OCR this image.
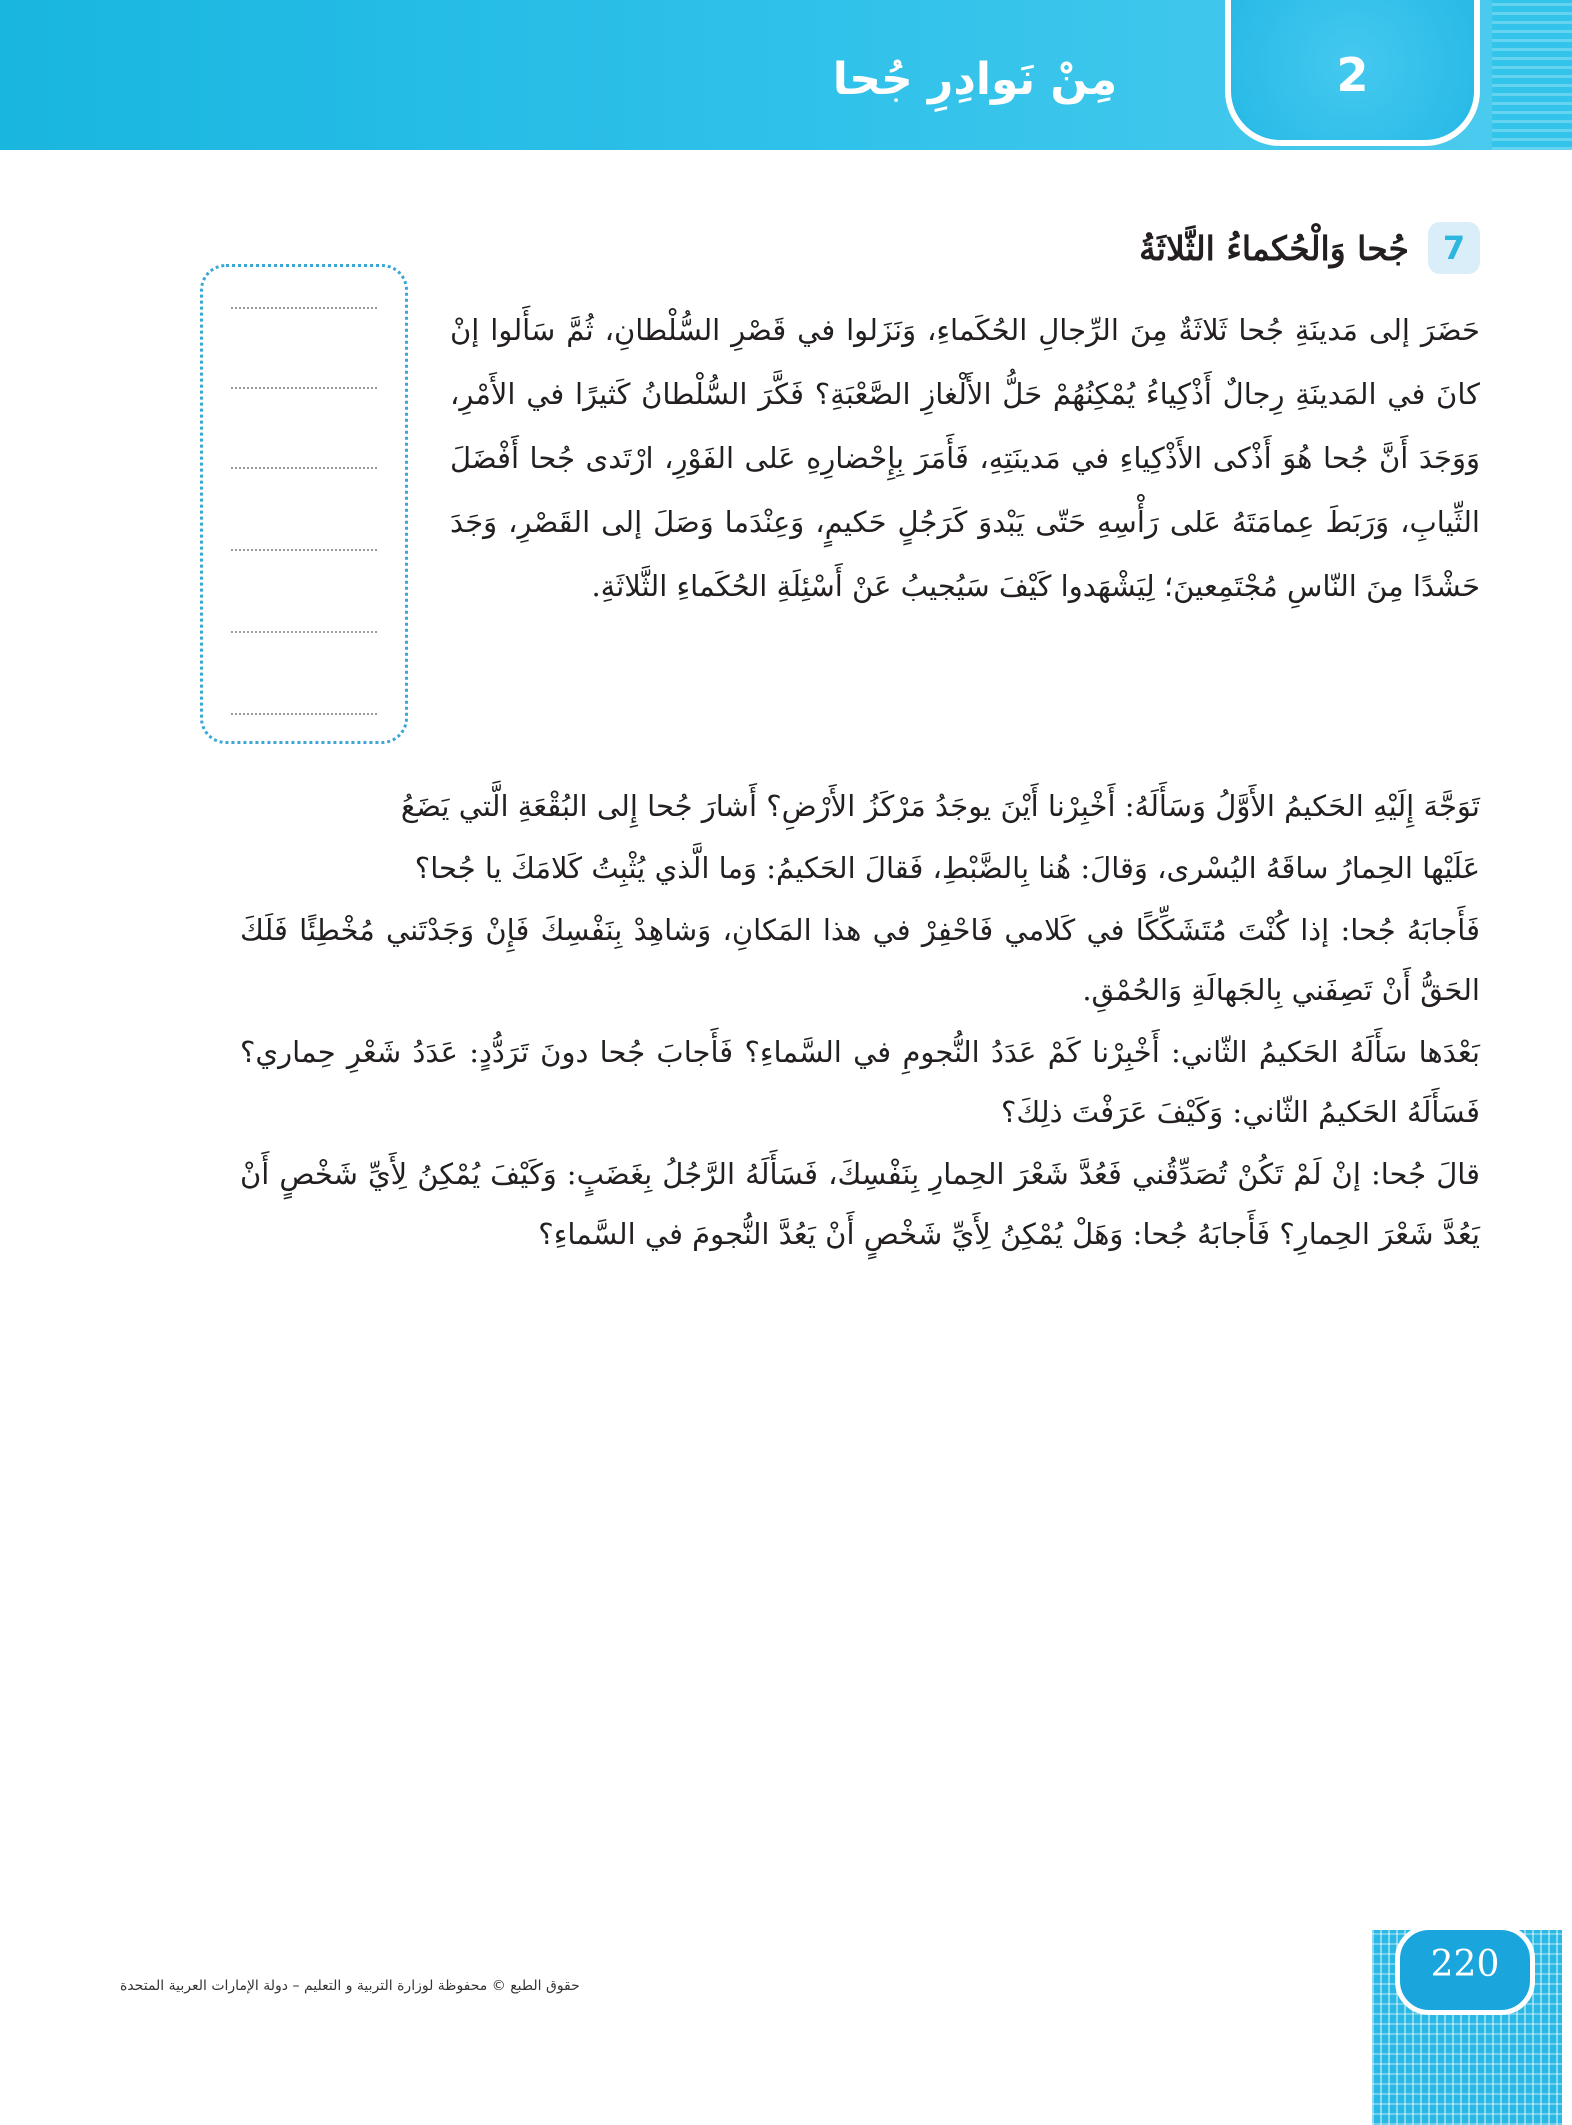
مِنْ نَوادِرِ جُحا	2
7 جُحا وَالْحُكماءُ الثَّلاثَةُ

حَضَرَ إلى مَدينَةِ جُحا ثَلاثَةٌ مِنَ الرِّجالِ الحُكَماءِ، وَنَزَلوا في قَصْرِ السُّلْطانِ، ثُمَّ سَأَلوا إنْ كانَ في المَدينَةِ رِجالٌ أَذْكِياءُ يُمْكِنُهُمْ حَلُّ الأَلْغازِ الصَّعْبَةِ؟ فَكَّرَ السُّلْطانُ كَثيرًا في الأَمْرِ، وَوَجَدَ أَنَّ جُحا هُوَ أَذْكى الأَذْكِياءِ في مَدينَتِهِ، فَأَمَرَ بِإِحْضارِهِ عَلى الفَوْرِ، ارْتَدى جُحا أَفْضَلَ الثِّيابِ، وَرَبَطَ عِمامَتَهُ عَلى رَأْسِهِ حَتّى يَبْدوَ كَرَجُلٍ حَكيمٍ، وَعِنْدَما وَصَلَ إلى القَصْرِ، وَجَدَ حَشْدًا مِنَ النّاسِ مُجْتَمِعينَ؛ لِيَشْهَدوا كَيْفَ سَيُجيبُ عَنْ أَسْئِلَةِ الحُكَماءِ الثَّلاثَةِ.

تَوَجَّهَ إِلَيْهِ الحَكيمُ الأَوَّلُ وَسَأَلَهُ: أَخْبِرْنا أَيْنَ يوجَدُ مَرْكَزُ الأَرْضِ؟ أَشارَ جُحا إِلى البُقْعَةِ الَّتي يَضَعُ

عَلَيْها الحِمارُ ساقَهُ اليُسْرى، وَقالَ: هُنا بِالضَّبْطِ، فَقالَ الحَكيمُ: وَما الَّذي يُثْبِتُ كَلامَكَ يا جُحا؟

فَأَجابَهُ جُحا: إذا كُنْتَ مُتَشَكِّكًا في كَلامي فَاحْفِرْ في هذا المَكانِ، وَشاهِدْ بِنَفْسِكَ فَإِنْ وَجَدْتَني مُخْطِئًا فَلَكَ الحَقُّ أَنْ تَصِفَني بِالجَهالَةِ وَالحُمْقِ.

بَعْدَها سَأَلَهُ الحَكيمُ الثّاني: أَخْبِرْنا كَمْ عَدَدُ النُّجومِ في السَّماءِ؟ فَأَجابَ جُحا دونَ تَرَدُّدٍ: عَدَدُ شَعْرِ حِماري؟ فَسَأَلَهُ الحَكيمُ الثّاني: وَكَيْفَ عَرَفْتَ ذلِكَ؟

قالَ جُحا: إنْ لَمْ تَكُنْ تُصَدِّقُني فَعُدَّ شَعْرَ الحِمارِ بِنَفْسِكَ، فَسَأَلَهُ الرَّجُلُ بِغَضَبٍ: وَكَيْفَ يُمْكِنُ لِأَيِّ شَخْصٍ أَنْ يَعُدَّ شَعْرَ الحِمارِ؟ فَأَجابَهُ جُحا: وَهَلْ يُمْكِنُ لِأَيِّ شَخْصٍ أَنْ يَعُدَّ النُّجومَ في السَّماءِ؟

حقوق الطبع © محفوظة لوزارة التربية و التعليم – دولة الإمارات العربية المتحدة
220
